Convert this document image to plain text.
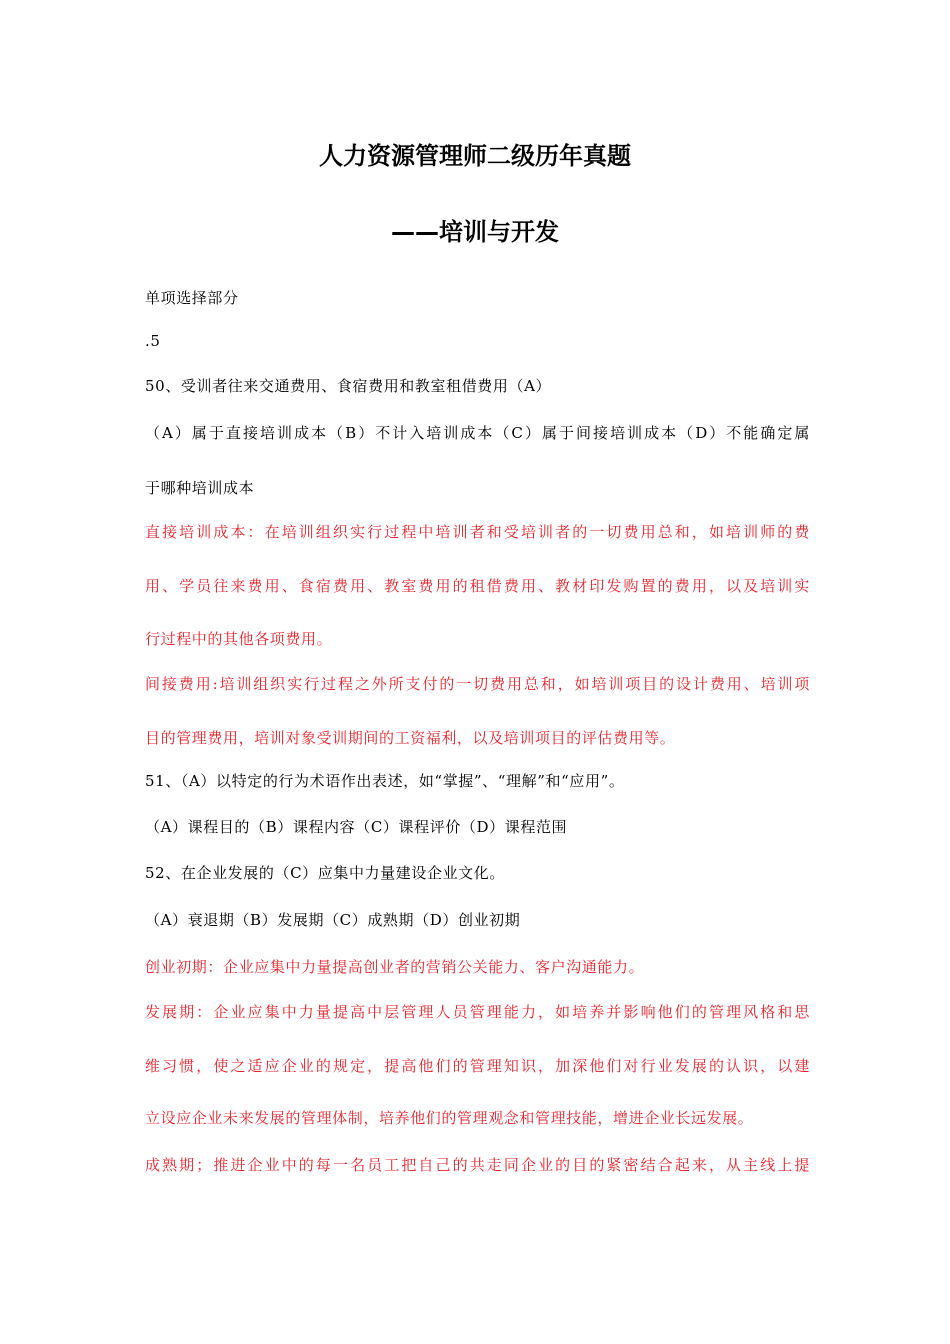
人力资源管理师二级历年真题
——培训与开发
单项选择部分
.5
50、受训者往来交通费用、食宿费用和教室租借费用（A）
（A）属于直接培训成本（B）不计入培训成本（C）属于间接培训成本（D）不能确定属
于哪种培训成本
直接培训成本：在培训组织实行过程中培训者和受培训者的一切费用总和，如培训师的费
用、学员往来费用、食宿费用、教室费用的租借费用、教材印发购置的费用，以及培训实
行过程中的其他各项费用。
间接费用:培训组织实行过程之外所支付的一切费用总和，如培训项目的设计费用、培训项
目的管理费用，培训对象受训期间的工资福利，以及培训项目的评估费用等。
51、（A）以特定的行为术语作出表述，如“掌握”、“理解”和“应用”。
（A）课程目的（B）课程内容（C）课程评价（D）课程范围
52、在企业发展的（C）应集中力量建设企业文化。
（A）衰退期（B）发展期（C）成熟期（D）创业初期
创业初期：企业应集中力量提高创业者的营销公关能力、客户沟通能力。
发展期：企业应集中力量提高中层管理人员管理能力，如培养并影响他们的管理风格和思
维习惯，使之适应企业的规定，提高他们的管理知识，加深他们对行业发展的认识，以建
立设应企业未来发展的管理体制，培养他们的管理观念和管理技能，增进企业长远发展。
成熟期；推进企业中的每一名员工把自己的共走同企业的目的紧密结合起来，从主线上提
